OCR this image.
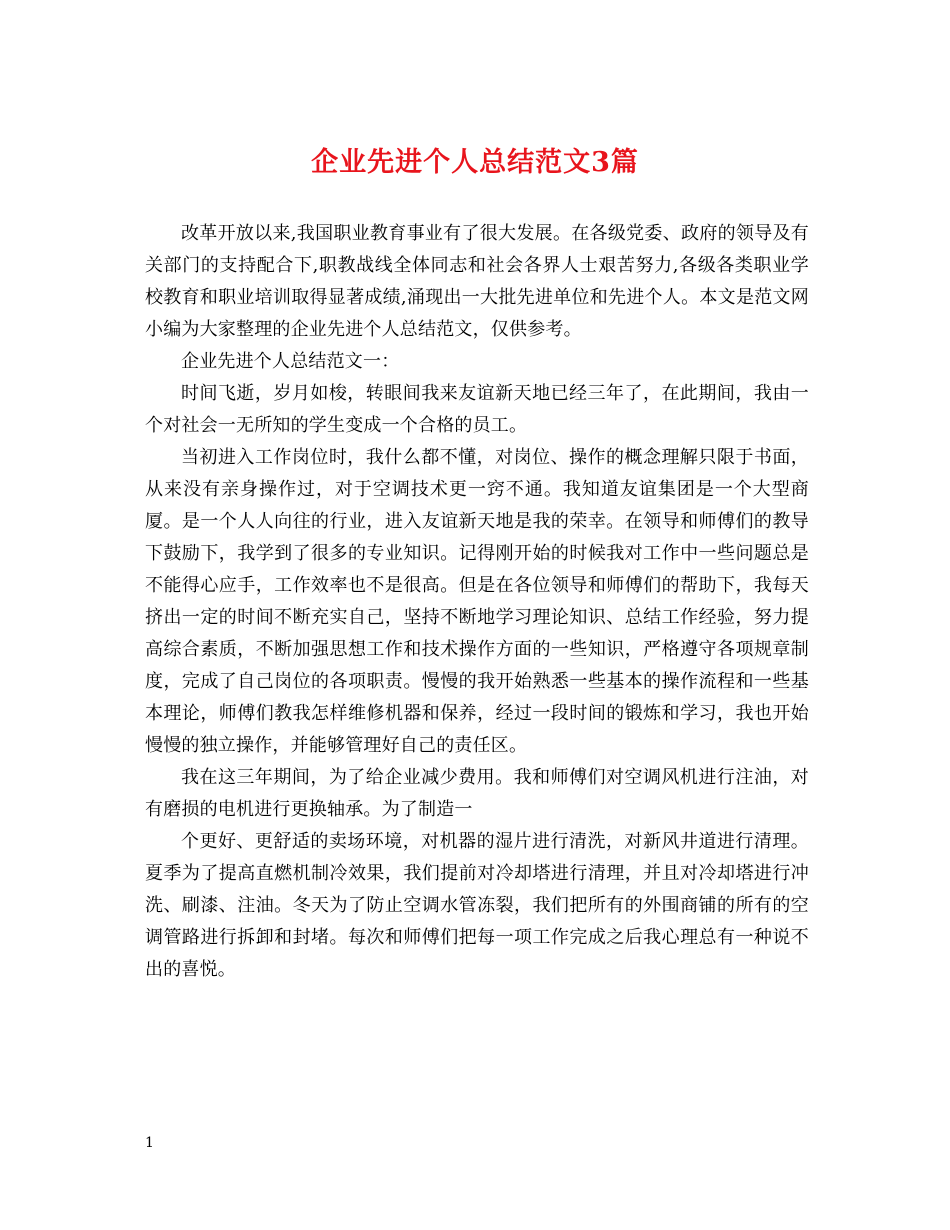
企业先进个人总结范文3篇

改革开放以来,我国职业教育事业有了很大发展。在各级党委、政府的领导及有关部门的支持配合下,职教战线全体同志和社会各界人士艰苦努力,各级各类职业学校教育和职业培训取得显著成绩,涌现出一大批先进单位和先进个人。本文是范文网小编为大家整理的企业先进个人总结范文，仅供参考。

企业先进个人总结范文一：

时间飞逝，岁月如梭，转眼间我来友谊新天地已经三年了，在此期间，我由一个对社会一无所知的学生变成一个合格的员工。

当初进入工作岗位时，我什么都不懂，对岗位、操作的概念理解只限于书面，从来没有亲身操作过，对于空调技术更一窍不通。我知道友谊集团是一个大型商厦。是一个人人向往的行业，进入友谊新天地是我的荣幸。在领导和师傅们的教导下鼓励下，我学到了很多的专业知识。记得刚开始的时候我对工作中一些问题总是不能得心应手，工作效率也不是很高。但是在各位领导和师傅们的帮助下，我每天挤出一定的时间不断充实自己，坚持不断地学习理论知识、总结工作经验，努力提高综合素质，不断加强思想工作和技术操作方面的一些知识，严格遵守各项规章制度，完成了自己岗位的各项职责。慢慢的我开始熟悉一些基本的操作流程和一些基本理论，师傅们教我怎样维修机器和保养，经过一段时间的锻炼和学习，我也开始慢慢的独立操作，并能够管理好自己的责任区。

我在这三年期间，为了给企业减少费用。我和师傅们对空调风机进行注油，对有磨损的电机进行更换轴承。为了制造一

个更好、更舒适的卖场环境，对机器的湿片进行清洗，对新风井道进行清理。夏季为了提高直燃机制冷效果，我们提前对冷却塔进行清理，并且对冷却塔进行冲洗、刷漆、注油。冬天为了防止空调水管冻裂，我们把所有的外围商铺的所有的空调管路进行拆卸和封堵。每次和师傅们把每一项工作完成之后我心理总有一种说不出的喜悦。

1
